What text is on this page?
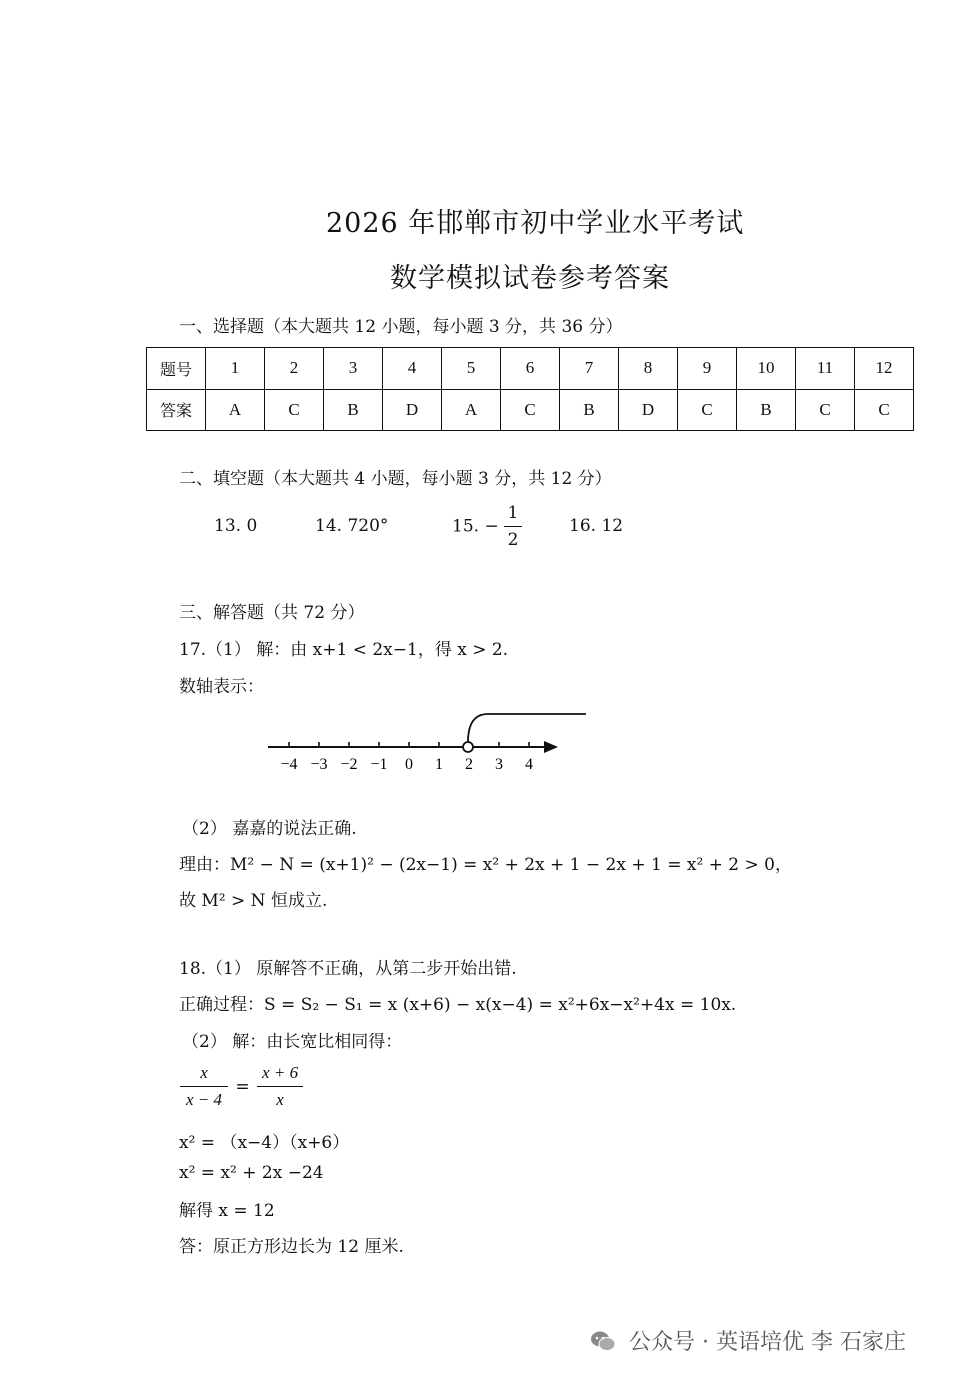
2026 年邯郸市初中学业水平考试
数学模拟试卷参考答案
一、选择题（本大题共 12 小题，每小题 3 分，共 36 分）
题号	1	2	3	4	5	6	7	8	9	10	11	12
答案	A	C	B	D	A	C	B	D	C	B	C	C
二、填空题（本大题共 4 小题，每小题 3 分，共 12 分）
13. 0	14. 720°	15. − $\frac{1}{2}$	16. 12
三、解答题（共 72 分）
17.（1） 解：由 x+1 < 2x−1，得 x > 2.
数轴表示：
−4 −3 −2 −1 0 1 2 3 4
（2） 嘉嘉的说法正确.
理由：M² − N = (x+1)² − (2x−1) = x² + 2x + 1 − 2x + 1 = x² + 2 > 0，
故 M² > N 恒成立.
18.（1） 原解答不正确，从第二步开始出错.
正确过程：S = S₂ − S₁ = x (x+6) − x(x−4) = x²+6x−x²+4x = 10x.
（2） 解：由长宽比相同得：
$\frac{x}{x - 4} = \frac{x + 6}{x}$
x² = （x−4）（x+6）
x² = x² + 2x −24
解得 x = 12
答：原正方形边长为 12 厘米.
公众号 · 英语培优 李 石家庄
